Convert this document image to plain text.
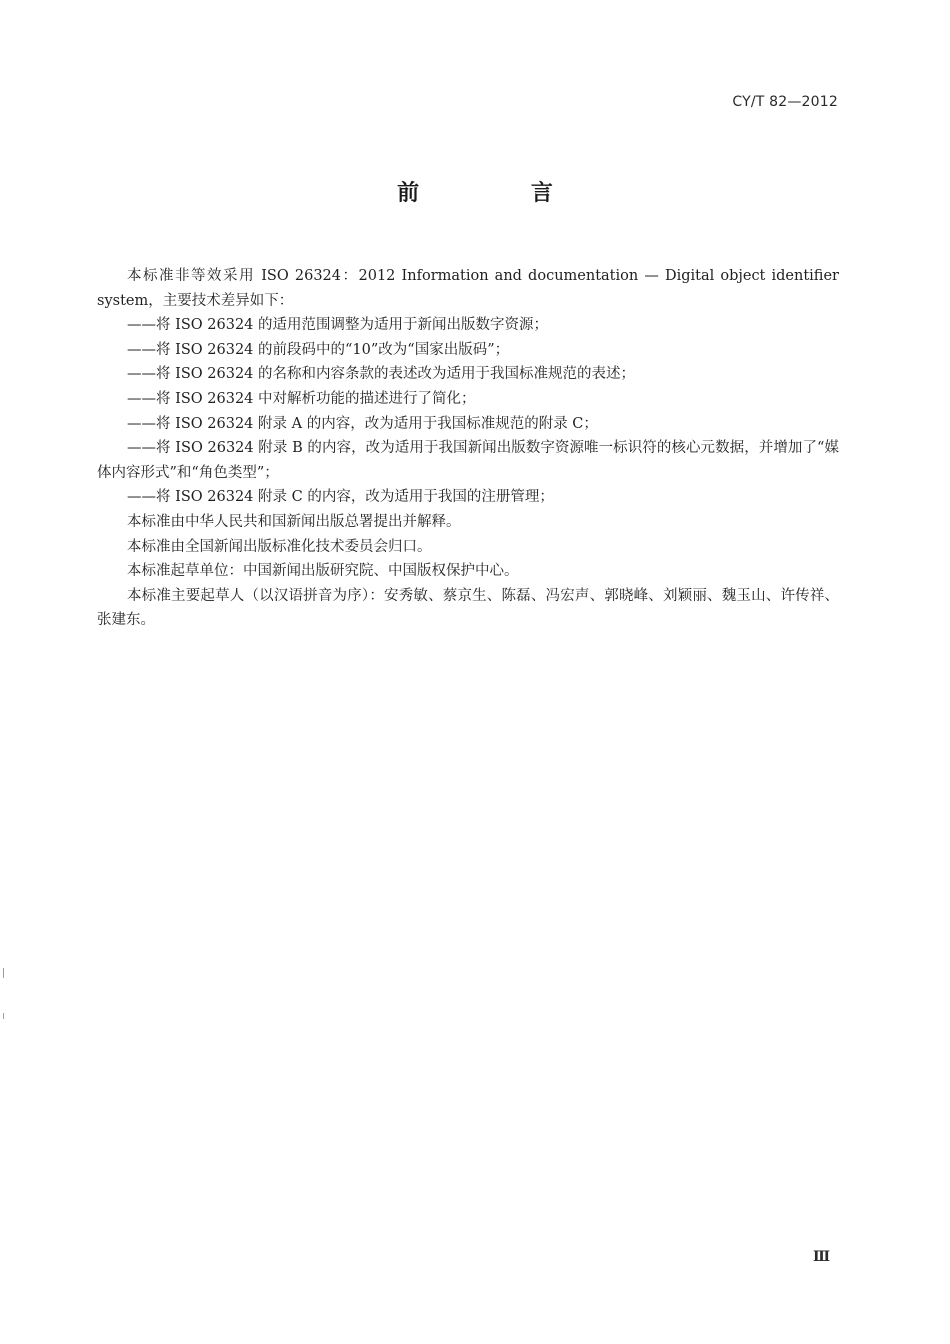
CY/T 82—2012
前 言

本标准非等效采用 ISO 26324：2012 Information and documentation — Digital object identifier system，主要技术差异如下：

——将 ISO 26324 的适用范围调整为适用于新闻出版数字资源；

——将 ISO 26324 的前段码中的“10”改为“国家出版码”；

——将 ISO 26324 的名称和内容条款的表述改为适用于我国标准规范的表述；

——将 ISO 26324 中对解析功能的描述进行了简化；

——将 ISO 26324 附录 A 的内容，改为适用于我国标准规范的附录 C；

——将 ISO 26324 附录 B 的内容，改为适用于我国新闻出版数字资源唯一标识符的核心元数据，并增加了“媒体内容形式”和“角色类型”；

——将 ISO 26324 附录 C 的内容，改为适用于我国的注册管理；

本标准由中华人民共和国新闻出版总署提出并解释。

本标准由全国新闻出版标准化技术委员会归口。

本标准起草单位：中国新闻出版研究院、中国版权保护中心。

本标准主要起草人（以汉语拼音为序）：安秀敏、蔡京生、陈磊、冯宏声、郭晓峰、刘颖丽、魏玉山、许传祥、张建东。

Ⅲ
